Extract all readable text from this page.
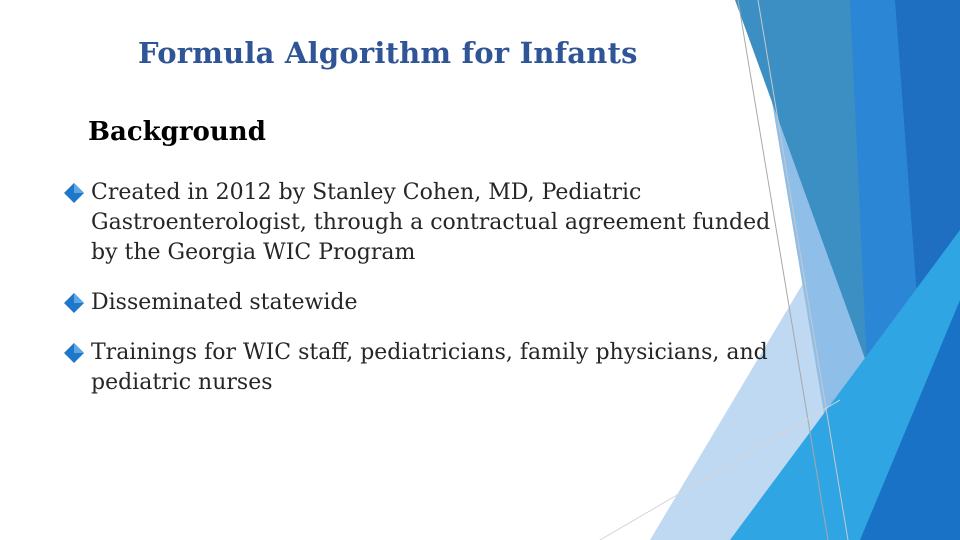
Formula Algorithm for Infants
Background
Created in 2012 by Stanley Cohen, MD, Pediatric Gastroenterologist, through a contractual agreement funded by the Georgia WIC Program
Disseminated statewide
Trainings for WIC staff, pediatricians, family physicians, and pediatric nurses
